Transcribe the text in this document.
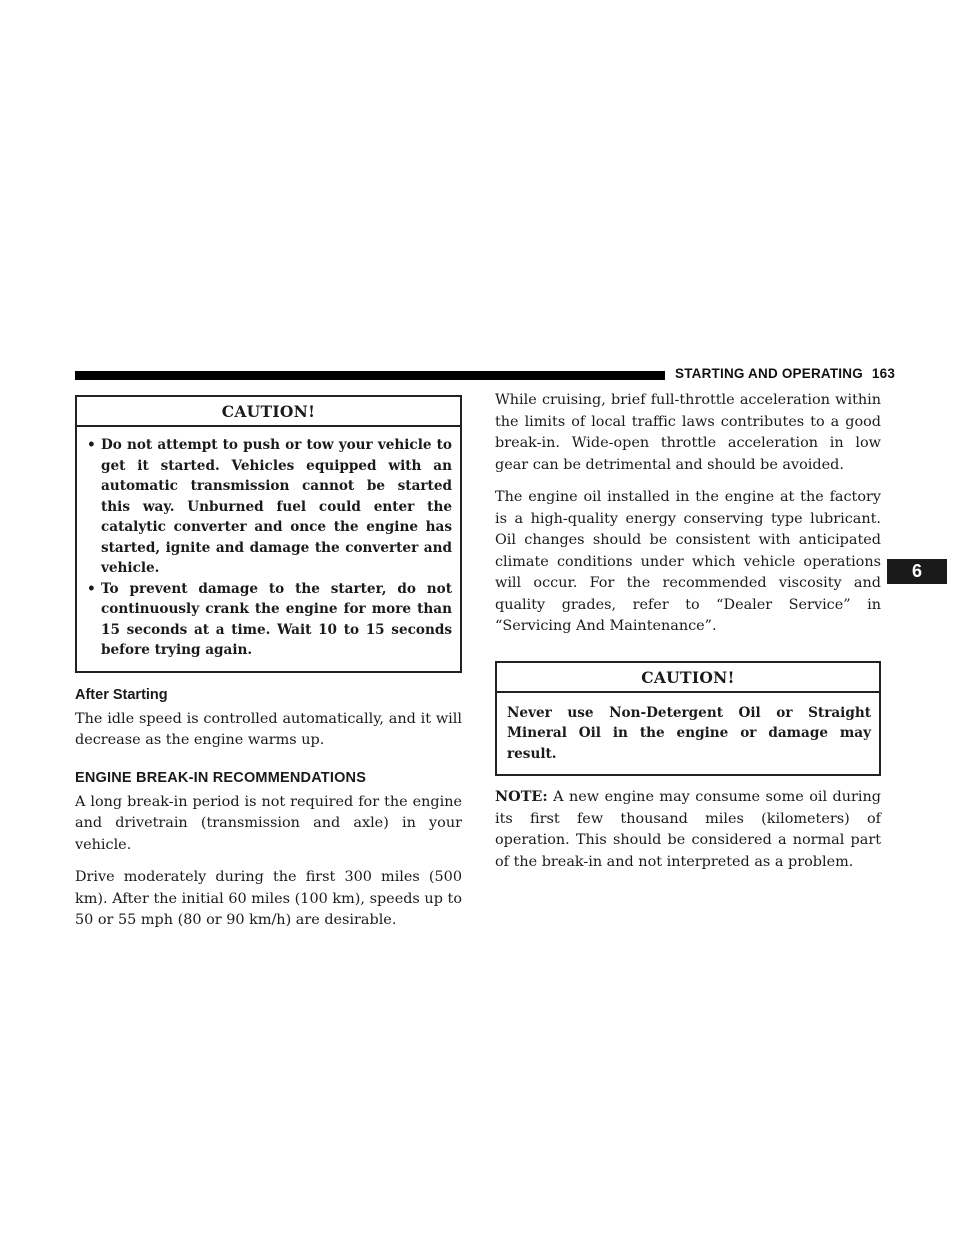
STARTING AND OPERATING 163
6
CAUTION!
• Do not attempt to push or tow your vehicle to get it started. Vehicles equipped with an automatic transmission cannot be started this way. Unburned fuel could enter the catalytic converter and once the engine has started, ignite and damage the converter and vehicle.
• To prevent damage to the starter, do not continuously crank the engine for more than 15 seconds at a time. Wait 10 to 15 seconds before trying again.
After Starting

The idle speed is controlled automatically, and it will decrease as the engine warms up.

ENGINE BREAK-IN RECOMMENDATIONS

A long break-in period is not required for the engine and drivetrain (transmission and axle) in your vehicle.

Drive moderately during the first 300 miles (500 km). After the initial 60 miles (100 km), speeds up to 50 or 55 mph (80 or 90 km/h) are desirable.

While cruising, brief full-throttle acceleration within the limits of local traffic laws contributes to a good break-in. Wide-open throttle acceleration in low gear can be detrimental and should be avoided.

The engine oil installed in the engine at the factory is a high-quality energy conserving type lubricant. Oil changes should be consistent with anticipated climate conditions under which vehicle operations will occur. For the recommended viscosity and quality grades, refer to “Dealer Service” in “Servicing And Maintenance”.

CAUTION!
Never use Non-Detergent Oil or Straight Mineral Oil in the engine or damage may result.

NOTE: A new engine may consume some oil during its first few thousand miles (kilometers) of operation. This should be considered a normal part of the break-in and not interpreted as a problem.
